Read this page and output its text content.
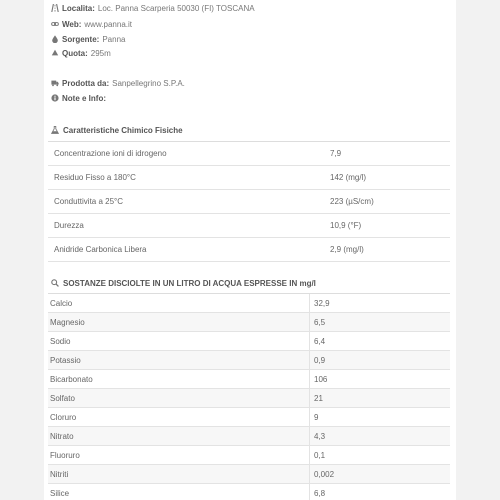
Localita: Loc. Panna Scarperia 50030 (FI) TOSCANA
Web: www.panna.it
Sorgente: Panna
Quota: 295m
Prodotta da: Sanpellegrino S.P.A.
Note e Info:
Caratteristiche Chimico Fisiche
Concentrazione ioni di idrogeno	7,9
Residuo Fisso a 180°C	142 (mg/l)
Conduttivita a 25°C	223 (µS/cm)
Durezza	10,9 (°F)
Anidride Carbonica Libera	2,9 (mg/l)
SOSTANZE DISCIOLTE IN UN LITRO DI ACQUA ESPRESSE IN mg/l
Calcio	32,9
Magnesio	6,5
Sodio	6,4
Potassio	0,9
Bicarbonato	106
Solfato	21
Cloruro	9
Nitrato	4,3
Fluoruro	0,1
Nitriti	0,002
Silice	6,8
